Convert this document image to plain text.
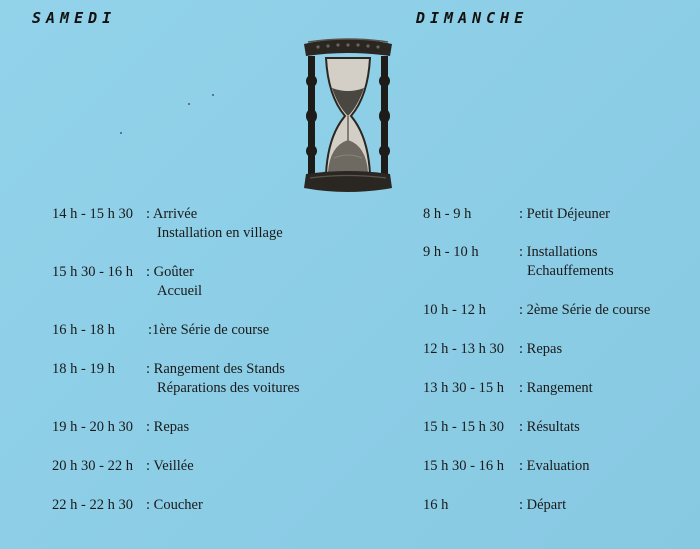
SAMEDI	DIMANCHE
14 h - 15 h 30 : Arrivée
Installation en village
15 h 30 - 16 h : Goûter
Accueil
16 h - 18 h :1ère Série de course
18 h - 19 h : Rangement des Stands
Réparations des voitures
19 h - 20 h 30 : Repas
20 h 30 - 22 h : Veillée
22 h - 22 h 30 : Coucher
8 h - 9 h	: Petit Déjeuner
9 h - 10 h	: Installations
Echauffements
10 h - 12 h : 2ème Série de course
12 h - 13 h 30 : Repas
13 h 30 - 15 h : Rangement
15 h - 15 h 30 : Résultats
15 h 30 - 16 h : Evaluation
16 h	: Départ
